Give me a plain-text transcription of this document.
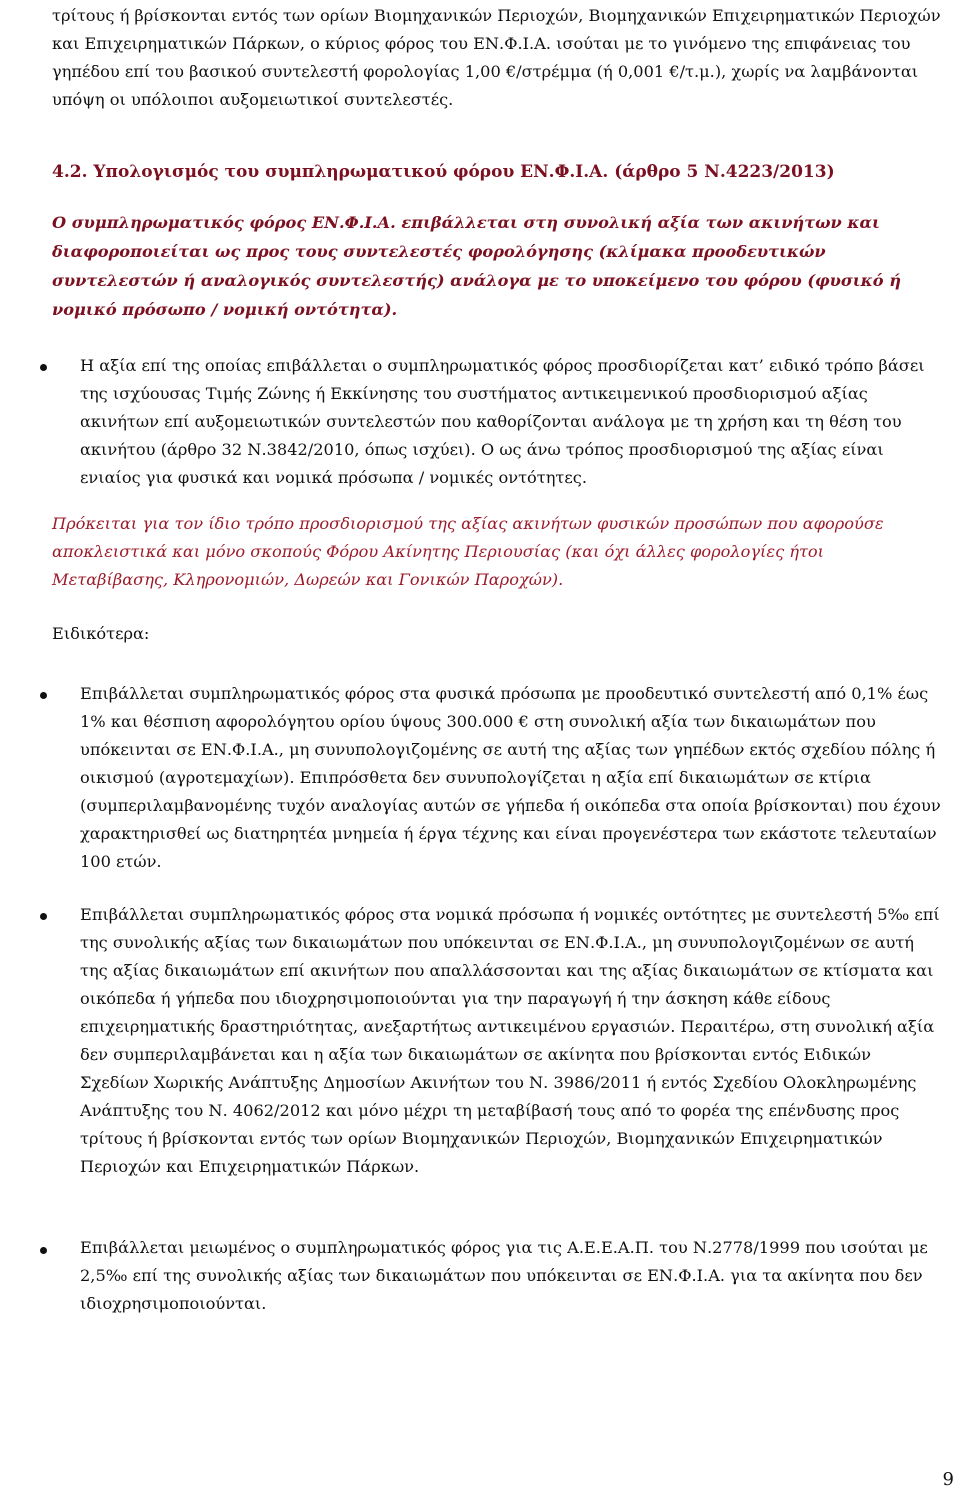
τρίτους ή βρίσκονται εντός των ορίων Βιομηχανικών Περιοχών, Βιομηχανικών Επιχειρηματικών Περιοχών και Επιχειρηματικών Πάρκων, ο κύριος φόρος του ΕΝ.Φ.Ι.Α. ισούται με το γινόμενο της επιφάνειας του γηπέδου επί του βασικού συντελεστή φορολογίας 1,00 €/στρέμμα (ή 0,001 €/τ.μ.), χωρίς να λαμβάνονται υπόψη οι υπόλοιποι αυξομειωτικοί συντελεστές.

4.2. Υπολογισμός του συμπληρωματικού φόρου ΕΝ.Φ.Ι.Α. (άρθρο 5 Ν.4223/2013)

Ο συμπληρωματικός φόρος ΕΝ.Φ.Ι.Α. επιβάλλεται στη συνολική αξία των ακινήτων και διαφοροποιείται ως προς τους συντελεστές φορολόγησης (κλίμακα προοδευτικών συντελεστών ή αναλογικός συντελεστής) ανάλογα με το υποκείμενο του φόρου (φυσικό ή νομικό πρόσωπο / νομική οντότητα).

Η αξία επί της οποίας επιβάλλεται ο συμπληρωματικός φόρος προσδιορίζεται κατ’ ειδικό τρόπο βάσει της ισχύουσας Τιμής Ζώνης ή Εκκίνησης του συστήματος αντικειμενικού προσδιορισμού αξίας ακινήτων επί αυξομειωτικών συντελεστών που καθορίζονται ανάλογα με τη χρήση και τη θέση του ακινήτου (άρθρο 32 Ν.3842/2010, όπως ισχύει). Ο ως άνω τρόπος προσδιορισμού της αξίας είναι ενιαίος για φυσικά και νομικά πρόσωπα / νομικές οντότητες.

Πρόκειται για τον ίδιο τρόπο προσδιορισμού της αξίας ακινήτων φυσικών προσώπων που αφορούσε αποκλειστικά και μόνο σκοπούς Φόρου Ακίνητης Περιουσίας (και όχι άλλες φορολογίες ήτοι Μεταβίβασης, Κληρονομιών, Δωρεών και Γονικών Παροχών).

Ειδικότερα:

Επιβάλλεται συμπληρωματικός φόρος στα φυσικά πρόσωπα με προοδευτικό συντελεστή από 0,1% έως 1% και θέσπιση αφορολόγητου ορίου ύψους 300.000 € στη συνολική αξία των δικαιωμάτων που υπόκεινται σε ΕΝ.Φ.Ι.Α., μη συνυπολογιζομένης σε αυτή της αξίας των γηπέδων εκτός σχεδίου πόλης ή οικισμού (αγροτεμαχίων). Επιπρόσθετα δεν συνυπολογίζεται η αξία επί δικαιωμάτων σε κτίρια (συμπεριλαμβανομένης τυχόν αναλογίας αυτών σε γήπεδα ή οικόπεδα στα οποία βρίσκονται) που έχουν χαρακτηρισθεί ως διατηρητέα μνημεία ή έργα τέχνης και είναι προγενέστερα των εκάστοτε τελευταίων 100 ετών.

Επιβάλλεται συμπληρωματικός φόρος στα νομικά πρόσωπα ή νομικές οντότητες με συντελεστή 5‰ επί της συνολικής αξίας των δικαιωμάτων που υπόκεινται σε ΕΝ.Φ.Ι.Α., μη συνυπολογιζομένων σε αυτή της αξίας δικαιωμάτων επί ακινήτων που απαλλάσσονται και της αξίας δικαιωμάτων σε κτίσματα και οικόπεδα ή γήπεδα που ιδιοχρησιμοποιούνται για την παραγωγή ή την άσκηση κάθε είδους επιχειρηματικής δραστηριότητας, ανεξαρτήτως αντικειμένου εργασιών. Περαιτέρω, στη συνολική αξία δεν συμπεριλαμβάνεται και η αξία των δικαιωμάτων σε ακίνητα που βρίσκονται εντός Ειδικών Σχεδίων Χωρικής Ανάπτυξης Δημοσίων Ακινήτων του Ν. 3986/2011 ή εντός Σχεδίου Ολοκληρωμένης Ανάπτυξης του Ν. 4062/2012 και μόνο μέχρι τη μεταβίβασή τους από το φορέα της επένδυσης προς τρίτους ή βρίσκονται εντός των ορίων Βιομηχανικών Περιοχών, Βιομηχανικών Επιχειρηματικών Περιοχών και Επιχειρηματικών Πάρκων.

Επιβάλλεται μειωμένος ο συμπληρωματικός φόρος για τις Α.Ε.Ε.Α.Π. του Ν.2778/1999 που ισούται με 2,5‰ επί της συνολικής αξίας των δικαιωμάτων που υπόκεινται σε ΕΝ.Φ.Ι.Α. για τα ακίνητα που δεν ιδιοχρησιμοποιούνται.

9
